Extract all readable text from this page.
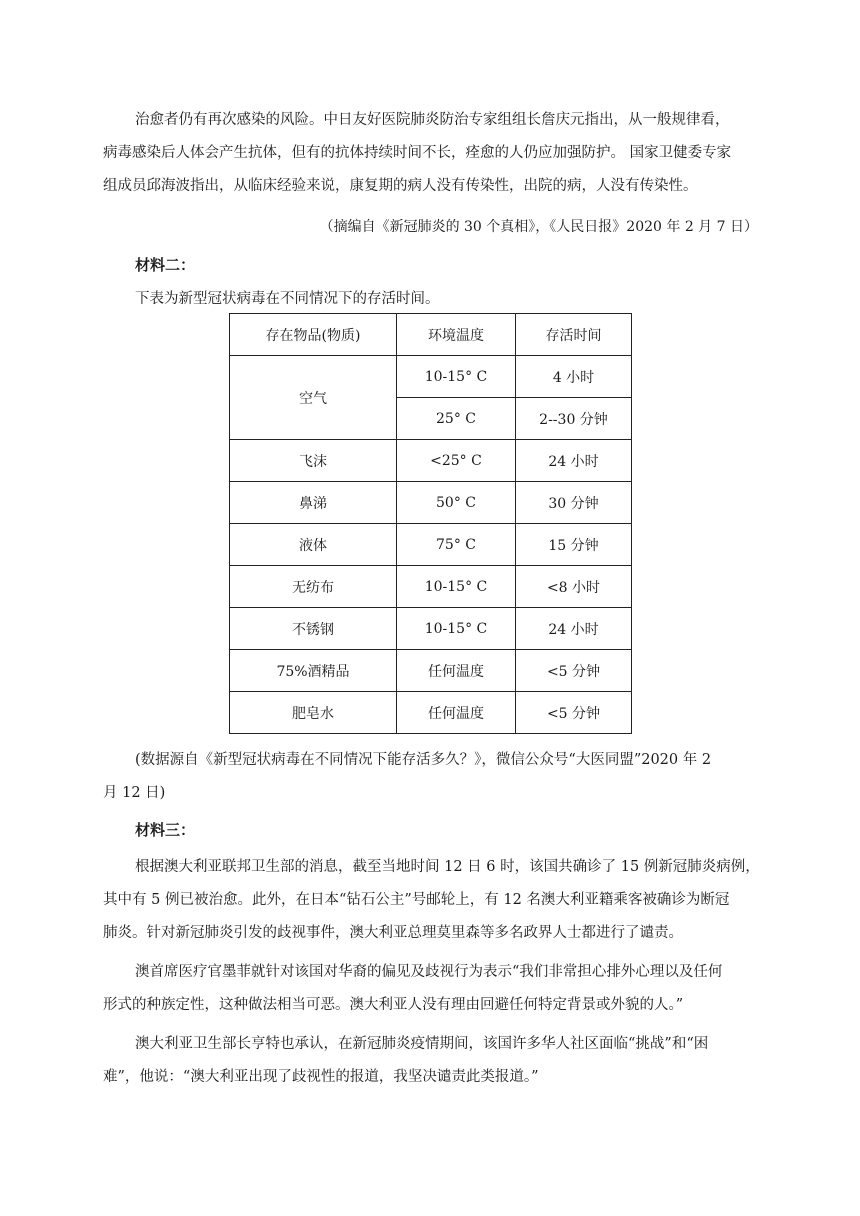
治愈者仍有再次感染的风险。中日友好医院肺炎防治专家组组长詹庆元指出，从一般规律看，
病毒感染后人体会产生抗体，但有的抗体持续时间不长，痊愈的人仍应加强防护。 国家卫健委专家
组成员邱海波指出，从临床经验来说，康复期的病人没有传染性，出院的病，人没有传染性。
（摘编自《新冠肺炎的 30 个真相》，《人民日报》2020 年 2 月 7 日）
材料二：
下表为新型冠状病毒在不同情况下的存活时间。
存在物品(物质)	环境温度	存活时间
空气	10-15° C	4 小时
	25° C	2--30 分钟
飞沫	<25° C	24 小时
鼻涕	50° C	30 分钟
液体	75° C	15 分钟
无纺布	10-15° C	<8 小时
不锈钢	10-15° C	24 小时
75%酒精品	任何温度	<5 分钟
肥皂水	任何温度	<5 分钟
(数据源自《新型冠状病毒在不同情况下能存活多久？》，微信公众号“大医同盟”2020 年 2
月 12 日)
材料三：
根据澳大利亚联邦卫生部的消息，截至当地时间 12 日 6 时，该国共确诊了 15 例新冠肺炎病例，
其中有 5 例已被治愈。此外，在日本“钻石公主”号邮轮上，有 12 名澳大利亚籍乘客被确诊为断冠
肺炎。针对新冠肺炎引发的歧视事件，澳大利亚总理莫里森等多名政界人士都进行了谴责。
澳首席医疗官墨菲就针对该国对华裔的偏见及歧视行为表示“我们非常担心排外心理以及任何
形式的种族定性，这种做法相当可恶。澳大利亚人没有理由回避任何特定背景或外貌的人。”
澳大利亚卫生部长亨特也承认，在新冠肺炎疫情期间，该国许多华人社区面临“挑战”和“困
难”，他说：“澳大利亚出现了歧视性的报道，我坚决谴责此类报道。”
